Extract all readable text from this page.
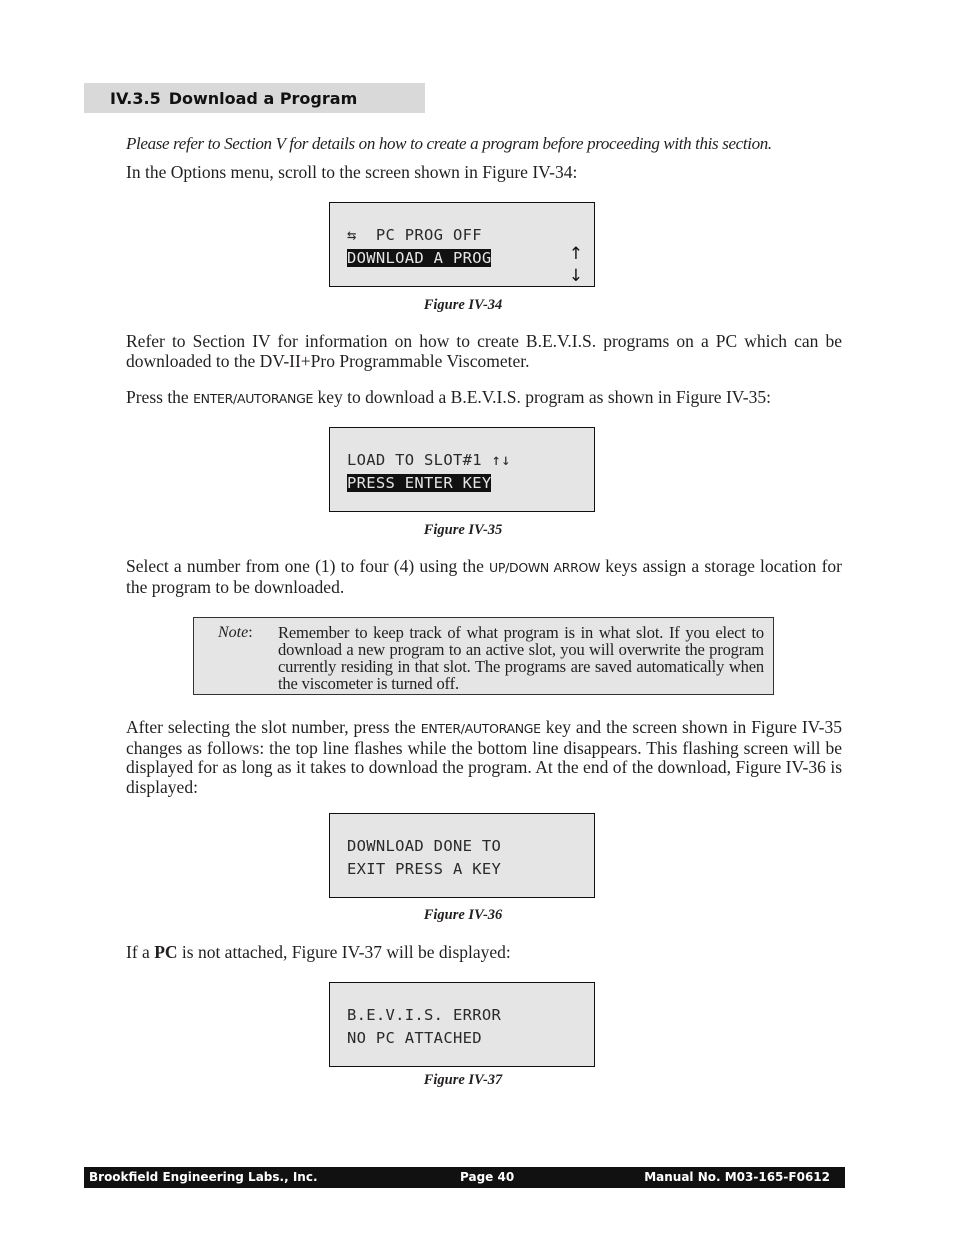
IV.3.5 Download a Program
Please refer to Section V for details on how to create a program before proceeding with this section.
In the Options menu, scroll to the screen shown in Figure IV-34:
⇆  PC PROG OFF
DOWNLOAD A PROG	↑
↓
Figure IV-34
Refer to Section IV for information on how to create B.E.V.I.S. programs on a PC which can be downloaded to the DV-II+Pro Programmable Viscometer.
Press the ENTER/AUTORANGE key to download a B.E.V.I.S. program as shown in Figure IV-35:
LOAD TO SLOT#1 ↑↓
PRESS ENTER KEY
Figure IV-35
Select a number from one (1) to four (4) using the UP/DOWN ARROW keys assign a storage location for the program to be downloaded.
Note: Remember to keep track of what program is in what slot. If you elect to download a new program to an active slot, you will overwrite the program currently residing in that slot. The programs are saved automatically when the viscometer is turned off.
After selecting the slot number, press the ENTER/AUTORANGE key and the screen shown in Figure IV-35 changes as follows: the top line flashes while the bottom line disappears. This flashing screen will be displayed for as long as it takes to download the program. At the end of the download, Figure IV-36 is displayed:
DOWNLOAD DONE TO
EXIT PRESS A KEY
Figure IV-36
If a PC is not attached, Figure IV-37 will be displayed:
B.E.V.I.S. ERROR
NO PC ATTACHED
Figure IV-37
Brookfield Engineering Labs., Inc.	Page 40	Manual No. M03-165-F0612
